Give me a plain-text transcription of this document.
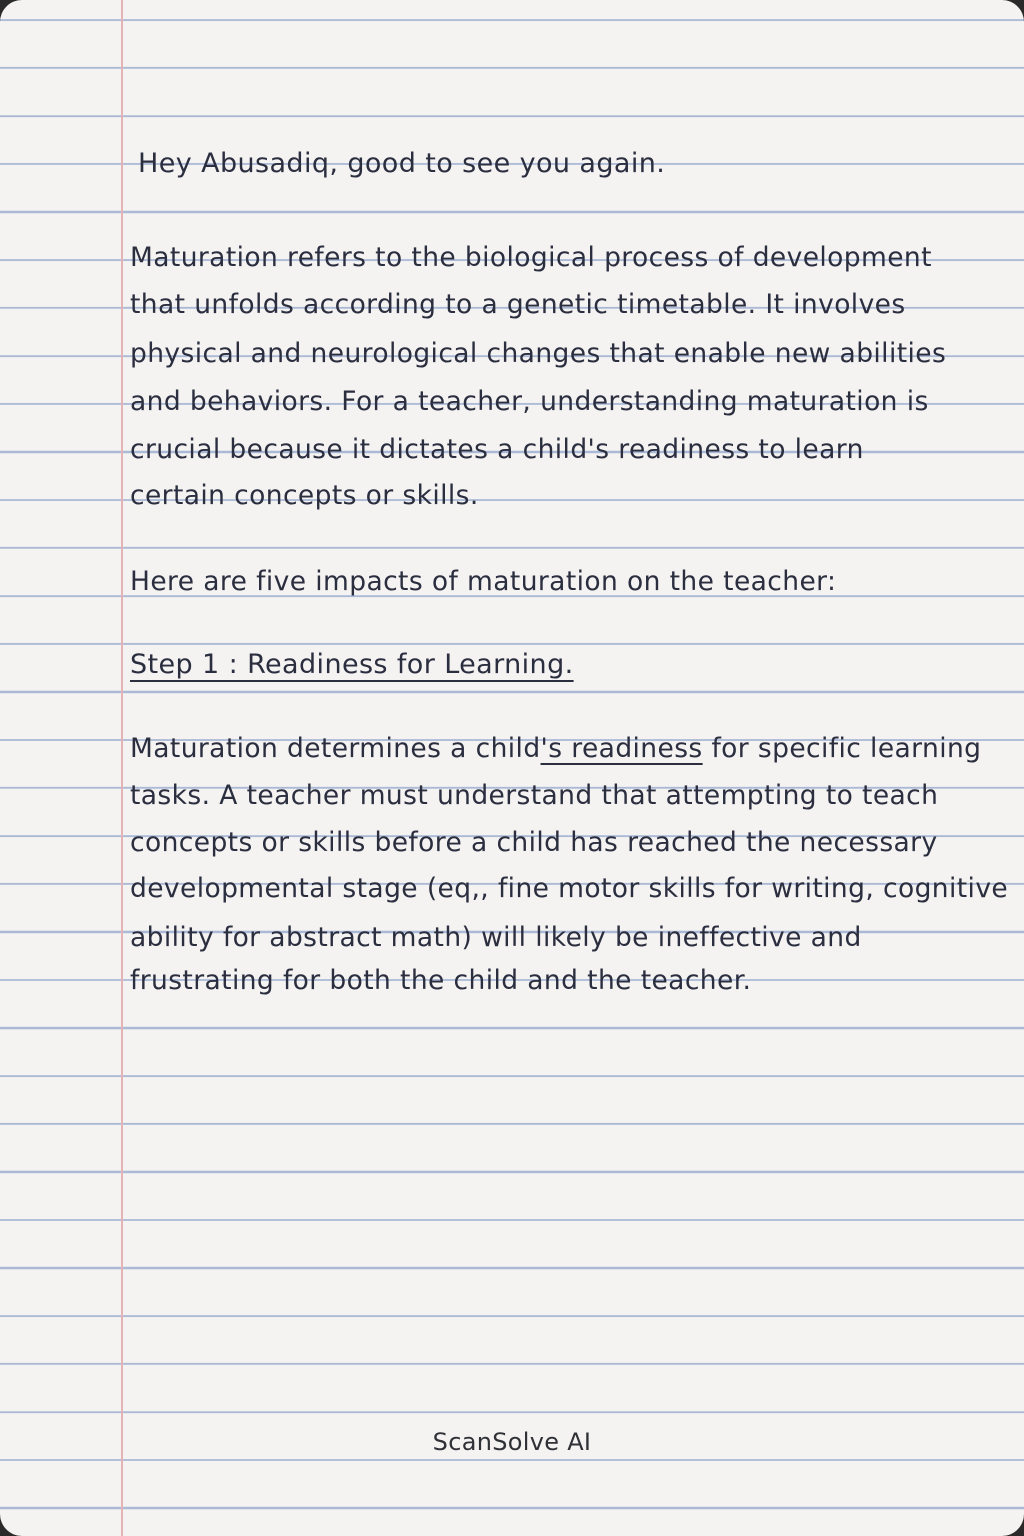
Hey Abusadiq, good to see you again.
Maturation refers to the biological process of development
that unfolds according to a genetic timetable. It involves
physical and neurological changes that enable new abilities
and behaviors. For a teacher, understanding maturation is
crucial because it dictates a child's readiness to learn
certain concepts or skills.
Here are five impacts of maturation on the teacher:
Step 1 : Readiness for Learning.
Maturation determines a child's readiness for specific learning
tasks. A teacher must understand that attempting to teach
concepts or skills before a child has reached the necessary
developmental stage (eq,, fine motor skills for writing, cognitive
ability for abstract math) will likely be ineffective and
frustrating for both the child and the teacher.
ScanSolve AI
